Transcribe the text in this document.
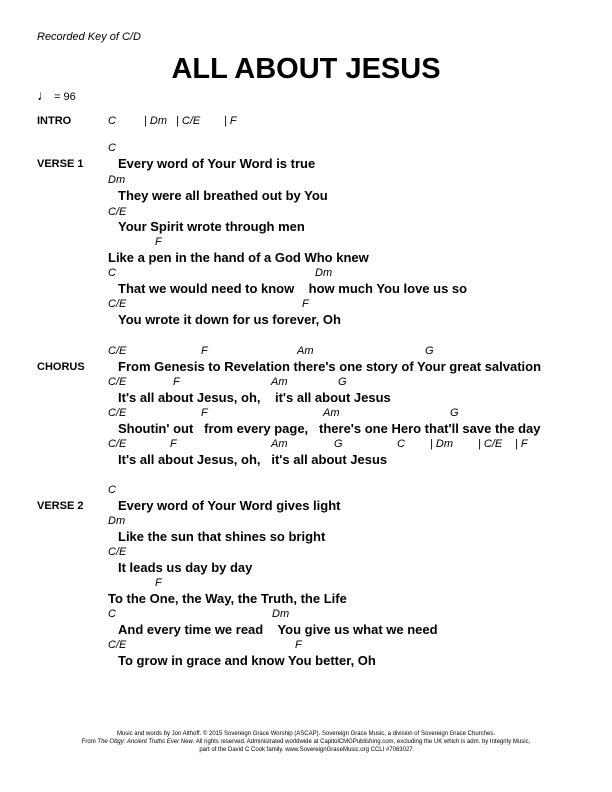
Recorded Key of C/D
ALL ABOUT JESUS
♩ = 96
INTRO	C	| Dm | C/E | F
VERSE 1
C
Every word of Your Word is true
Dm
They were all breathed out by You
C/E
Your Spirit wrote through men
F
Like a pen in the hand of a God Who knew
C	Dm
That we would need to know    how much You love us so
C/E	F
You wrote it down for us forever, Oh
CHORUS
C/E	F	Am	G
From Genesis to Revelation there's one story of Your great salvation
C/E	F	Am	G
It's all about Jesus, oh,    it's all about Jesus
C/E	F	Am	G
Shoutin' out   from every page,   there's one Hero that'll save the day
C/E	F	Am	G	C | Dm | C/E | F
It's all about Jesus, oh,   it's all about Jesus
VERSE 2
C
Every word of Your Word gives light
Dm
Like the sun that shines so bright
C/E
It leads us day by day
F
To the One, the Way, the Truth, the Life
C	Dm
And every time we read    You give us what we need
C/E	F
To grow in grace and know You better, Oh
Music and words by Jon Althoff. © 2015 Sovereign Grace Worship (ASCAP). Sovereign Grace Music, a division of Sovereign Grace Churches.
From The Obgy: Ancient Truths Ever New. All rights reserved. Administrated worldwide at CapitolCMGPublishing.com, excluding the UK which is adm. by Integrity Music,
part of the David C Cook family. www.SovereignGraceMusic.org CCLI #7063027
